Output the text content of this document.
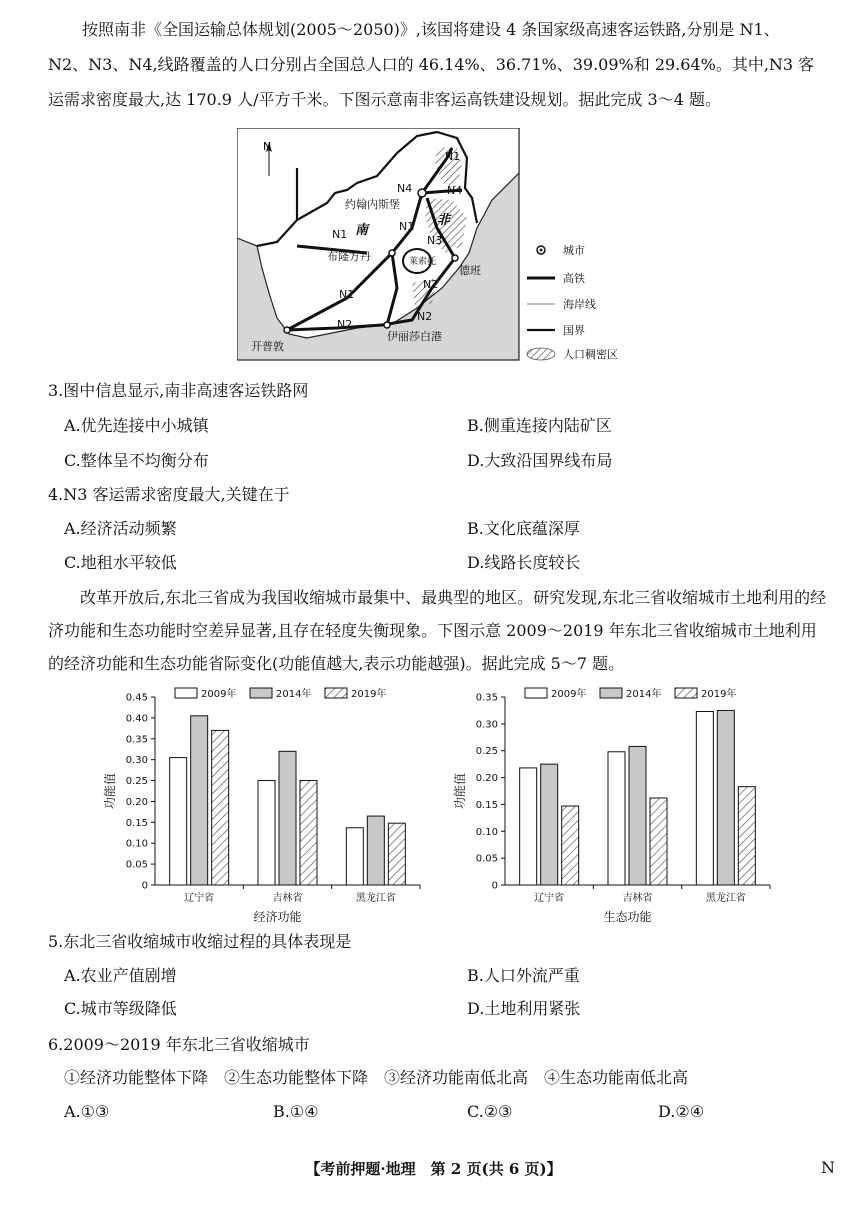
按照南非《全国运输总体规划(2005～2050)》,该国将建设 4 条国家级高速客运铁路,分别是 N1、
N2、N3、N4,线路覆盖的人口分别占全国总人口的 46.14%、36.71%、39.09%和 29.64%。其中,N3 客
运需求密度最大,达 170.9 人/平方千米。下图示意南非客运高铁建设规划。据此完成 3～4 题。
N
N1
N4	N4
约翰内斯堡
南
非
N1
N1
N3
布隆方丹	莱索托
德班
N2
N1
N2
N2
开普敦
伊丽莎白港
城市
高铁
海岸线
国界
人口稠密区
3.图中信息显示,南非高速客运铁路网
A.优先连接中小城镇	B.侧重连接内陆矿区
C.整体呈不均衡分布	D.大致沿国界线布局
4.N3 客运需求密度最大,关键在于
A.经济活动频繁	B.文化底蕴深厚
C.地租水平较低	D.线路长度较长
改革开放后,东北三省成为我国收缩城市最集中、最典型的地区。研究发现,东北三省收缩城市土地利用的经济功能和生态功能时空差异显著,且存在轻度失衡现象。下图示意 2009～2019 年东北三省收缩城市土地利用的经济功能和生态功能省际变化(功能值越大,表示功能越强)。据此完成 5～7 题。
0
0.05
0.10
0.15
0.20
0.25
0.30
0.35
0.40
0.45
功能值
辽宁省	吉林省	黑龙江省
经济功能
2009年	2014年	2019年
0
0.05
0.10
0.15
0.20
0.25
0.30
0.35
功能值
辽宁省	吉林省	黑龙江省
生态功能
2009年	2014年	2019年
5.东北三省收缩城市收缩过程的具体表现是
A.农业产值剧增	B.人口外流严重
C.城市等级降低	D.土地利用紧张
6.2009～2019 年东北三省收缩城市
①经济功能整体下降　②生态功能整体下降　③经济功能南低北高　④生态功能南低北高
A.①③	B.①④	C.②③	D.②④
【考前押题·地理　第 2 页(共 6 页)】	N
